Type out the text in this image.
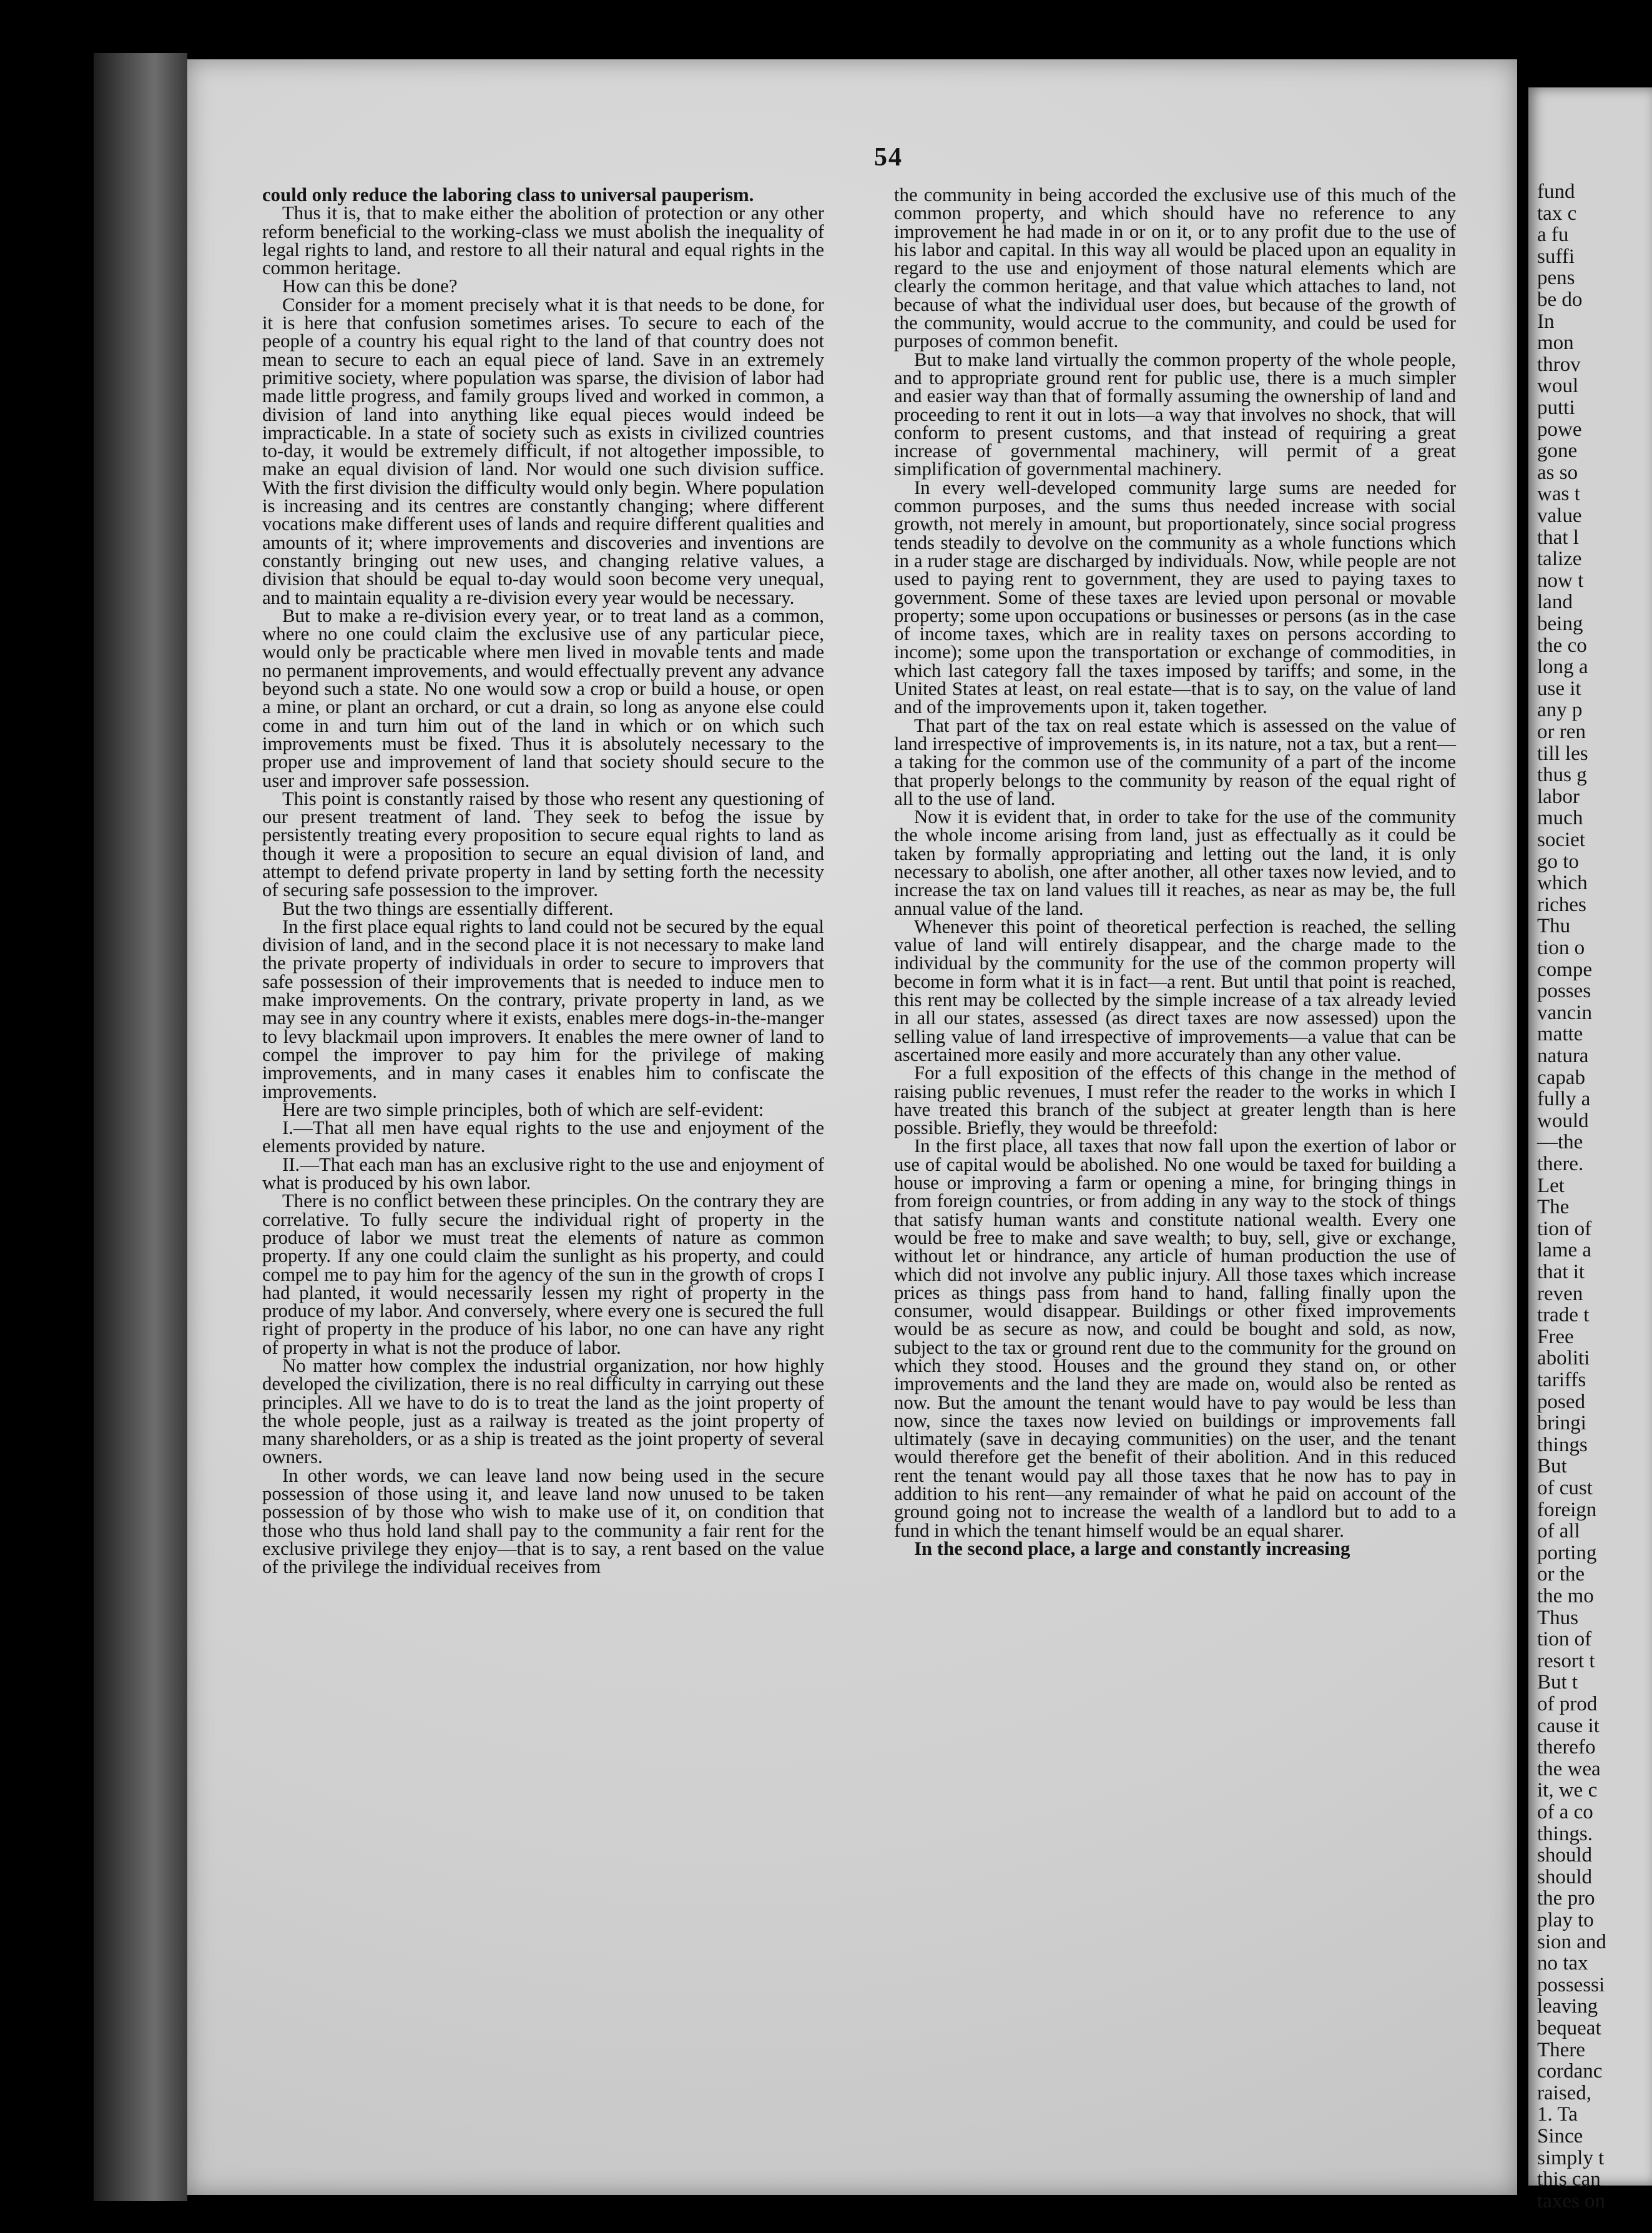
54

could only reduce the laboring class to universal pauperism.

Thus it is, that to make either the abolition of protection or any other reform beneficial to the working-class we must abolish the inequality of legal rights to land, and restore to all their natural and equal rights in the common heritage.

How can this be done?

Consider for a moment precisely what it is that needs to be done, for it is here that confusion sometimes arises. To secure to each of the people of a country his equal right to the land of that country does not mean to secure to each an equal piece of land. Save in an extremely primitive society, where population was sparse, the division of labor had made little progress, and family groups lived and worked in common, a division of land into anything like equal pieces would indeed be impracticable. In a state of society such as exists in civilized countries to-day, it would be extremely difficult, if not altogether impossible, to make an equal division of land. Nor would one such division suffice. With the first division the difficulty would only begin. Where population is increasing and its centres are constantly changing; where different vocations make different uses of lands and require different qualities and amounts of it; where improvements and discoveries and inventions are constantly bringing out new uses, and changing relative values, a division that should be equal to-day would soon become very unequal, and to maintain equality a re-division every year would be necessary.

But to make a re-division every year, or to treat land as a common, where no one could claim the exclusive use of any particular piece, would only be practicable where men lived in movable tents and made no permanent improvements, and would effectually prevent any advance beyond such a state. No one would sow a crop or build a house, or open a mine, or plant an orchard, or cut a drain, so long as anyone else could come in and turn him out of the land in which or on which such improvements must be fixed. Thus it is absolutely necessary to the proper use and improvement of land that society should secure to the user and improver safe possession.

This point is constantly raised by those who resent any questioning of our present treatment of land. They seek to befog the issue by persistently treating every proposition to secure equal rights to land as though it were a proposition to secure an equal division of land, and attempt to defend private property in land by setting forth the necessity of securing safe possession to the improver.

But the two things are essentially different.

In the first place equal rights to land could not be secured by the equal division of land, and in the second place it is not necessary to make land the private property of individuals in order to secure to improvers that safe possession of their improvements that is needed to induce men to make improvements. On the contrary, private property in land, as we may see in any country where it exists, enables mere dogs-in-the-manger to levy blackmail upon improvers. It enables the mere owner of land to compel the improver to pay him for the privilege of making improvements, and in many cases it enables him to confiscate the improvements.

Here are two simple principles, both of which are self-evident:

I.—That all men have equal rights to the use and enjoyment of the elements provided by nature.

II.—That each man has an exclusive right to the use and enjoyment of what is produced by his own labor.

There is no conflict between these principles. On the contrary they are correlative. To fully secure the individual right of property in the produce of labor we must treat the elements of nature as common property. If any one could claim the sunlight as his property, and could compel me to pay him for the agency of the sun in the growth of crops I had planted, it would necessarily lessen my right of property in the produce of my labor. And conversely, where every one is secured the full right of property in the produce of his labor, no one can have any right of property in what is not the produce of labor.

No matter how complex the industrial organization, nor how highly developed the civilization, there is no real difficulty in carrying out these principles. All we have to do is to treat the land as the joint property of the whole people, just as a railway is treated as the joint property of many shareholders, or as a ship is treated as the joint property of several owners.

In other words, we can leave land now being used in the secure possession of those using it, and leave land now unused to be taken possession of by those who wish to make use of it, on condition that those who thus hold land shall pay to the community a fair rent for the exclusive privilege they enjoy—that is to say, a rent based on the value of the privilege the individual receives from

the community in being accorded the exclusive use of this much of the common property, and which should have no reference to any improvement he had made in or on it, or to any profit due to the use of his labor and capital. In this way all would be placed upon an equality in regard to the use and enjoyment of those natural elements which are clearly the common heritage, and that value which attaches to land, not because of what the individual user does, but because of the growth of the community, would accrue to the community, and could be used for purposes of common benefit.

But to make land virtually the common property of the whole people, and to appropriate ground rent for public use, there is a much simpler and easier way than that of formally assuming the ownership of land and proceeding to rent it out in lots—a way that involves no shock, that will conform to present customs, and that instead of requiring a great increase of governmental machinery, will permit of a great simplification of governmental machinery.

In every well-developed community large sums are needed for common purposes, and the sums thus needed increase with social growth, not merely in amount, but proportionately, since social progress tends steadily to devolve on the community as a whole functions which in a ruder stage are discharged by individuals. Now, while people are not used to paying rent to government, they are used to paying taxes to government. Some of these taxes are levied upon personal or movable property; some upon occupations or businesses or persons (as in the case of income taxes, which are in reality taxes on persons according to income); some upon the transportation or exchange of commodities, in which last category fall the taxes imposed by tariffs; and some, in the United States at least, on real estate—that is to say, on the value of land and of the improvements upon it, taken together.

That part of the tax on real estate which is assessed on the value of land irrespective of improvements is, in its nature, not a tax, but a rent—a taking for the common use of the community of a part of the income that properly belongs to the community by reason of the equal right of all to the use of land.

Now it is evident that, in order to take for the use of the community the whole income arising from land, just as effectually as it could be taken by formally appropriating and letting out the land, it is only necessary to abolish, one after another, all other taxes now levied, and to increase the tax on land values till it reaches, as near as may be, the full annual value of the land.

Whenever this point of theoretical perfection is reached, the selling value of land will entirely disappear, and the charge made to the individual by the community for the use of the common property will become in form what it is in fact—a rent. But until that point is reached, this rent may be collected by the simple increase of a tax already levied in all our states, assessed (as direct taxes are now assessed) upon the selling value of land irrespective of improvements—a value that can be ascertained more easily and more accurately than any other value.

For a full exposition of the effects of this change in the method of raising public revenues, I must refer the reader to the works in which I have treated this branch of the subject at greater length than is here possible. Briefly, they would be threefold:

In the first place, all taxes that now fall upon the exertion of labor or use of capital would be abolished. No one would be taxed for building a house or improving a farm or opening a mine, for bringing things in from foreign countries, or from adding in any way to the stock of things that satisfy human wants and constitute national wealth. Every one would be free to make and save wealth; to buy, sell, give or exchange, without let or hindrance, any article of human production the use of which did not involve any public injury. All those taxes which increase prices as things pass from hand to hand, falling finally upon the consumer, would disappear. Buildings or other fixed improvements would be as secure as now, and could be bought and sold, as now, subject to the tax or ground rent due to the community for the ground on which they stood. Houses and the ground they stand on, or other improvements and the land they are made on, would also be rented as now. But the amount the tenant would have to pay would be less than now, since the taxes now levied on buildings or improvements fall ultimately (save in decaying communities) on the user, and the tenant would therefore get the benefit of their abolition. And in this reduced rent the tenant would pay all those taxes that he now has to pay in addition to his rent—any remainder of what he paid on account of the ground going not to increase the wealth of a landlord but to add to a fund in which the tenant himself would be an equal sharer.

In the second place, a large and constantly increasing

fund
tax c
a fu
suffi
pens
be do
In
mon
throv
woul
putti
powe
gone
as so
was t
value
that l
talize
now t
land
being
the co
long a
use it
any p
or ren
till les
thus g
labor
much
societ
go to
which
riches
Thu
tion o
compe
posses
vancin
matte
natura
capab
fully a
would
—the
there.
Let
The
tion of
lame a
that it
reven
trade t
Free
aboliti
tariffs
posed
bringi
things
But
of cust
foreign
of all
porting
or the
the mo
Thus
tion of
resort t
But t
of prod
cause it
therefo
the wea
it, we c
of a co
things.
should
should
the pro
play to
sion and
no tax
possessi
leaving
bequeat
There
cordanc
raised,
1. Ta
Since
simply t
this can
taxes on
